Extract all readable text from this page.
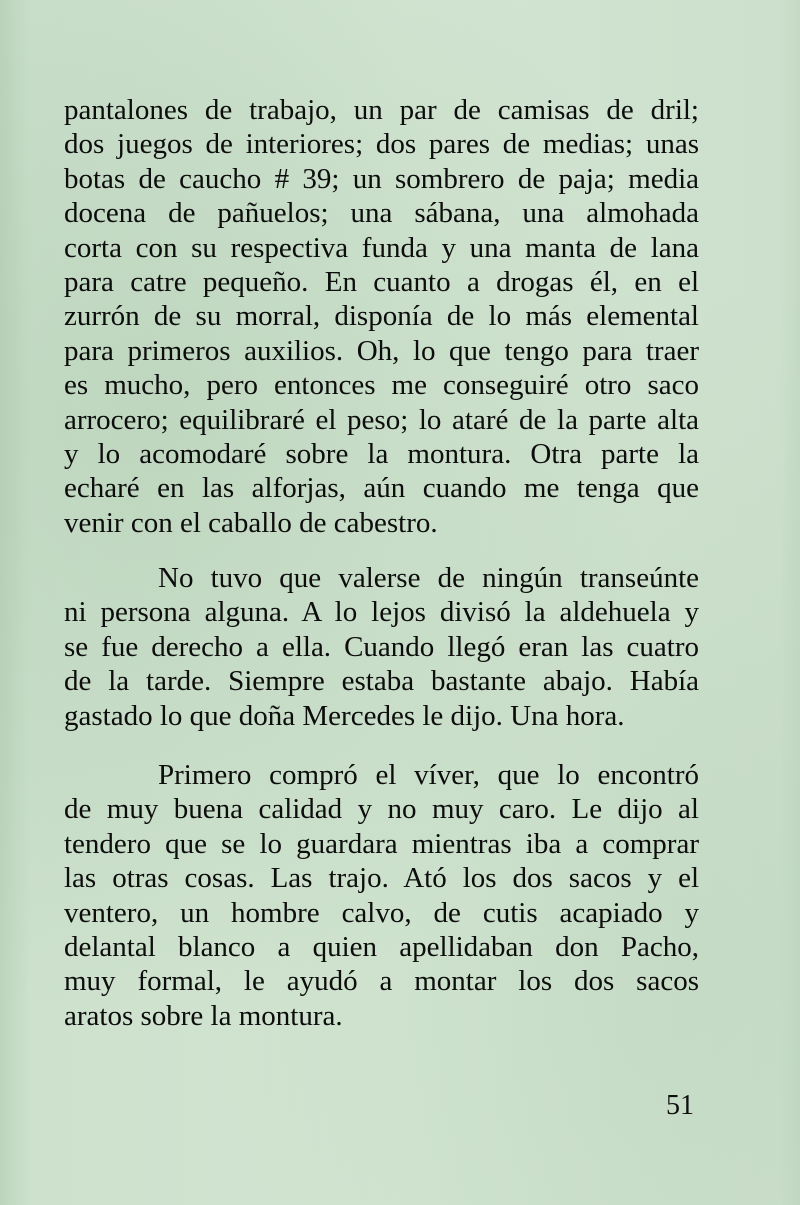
pantalones de trabajo, un par de camisas de dril;
dos juegos de interiores; dos pares de medias; unas
botas de caucho # 39; un sombrero de paja; media
docena de pañuelos; una sábana, una almohada
corta con su respectiva funda y una manta de lana
para catre pequeño. En cuanto a drogas él, en el
zurrón de su morral, disponía de lo más elemental
para primeros auxilios. Oh, lo que tengo para traer
es mucho, pero entonces me conseguiré otro saco
arrocero; equilibraré el peso; lo ataré de la parte alta
y lo acomodaré sobre la montura. Otra parte la
echaré en las alforjas, aún cuando me tenga que
venir con el caballo de cabestro.
No tuvo que valerse de ningún transeúnte
ni persona alguna. A lo lejos divisó la aldehuela y
se fue derecho a ella. Cuando llegó eran las cuatro
de la tarde. Siempre estaba bastante abajo. Había
gastado lo que doña Mercedes le dijo. Una hora.
Primero compró el víver, que lo encontró
de muy buena calidad y no muy caro. Le dijo al
tendero que se lo guardara mientras iba a comprar
las otras cosas. Las trajo. Ató los dos sacos y el
ventero, un hombre calvo, de cutis acapiado y
delantal blanco a quien apellidaban don Pacho,
muy formal, le ayudó a montar los dos sacos
aratos sobre la montura.
51
